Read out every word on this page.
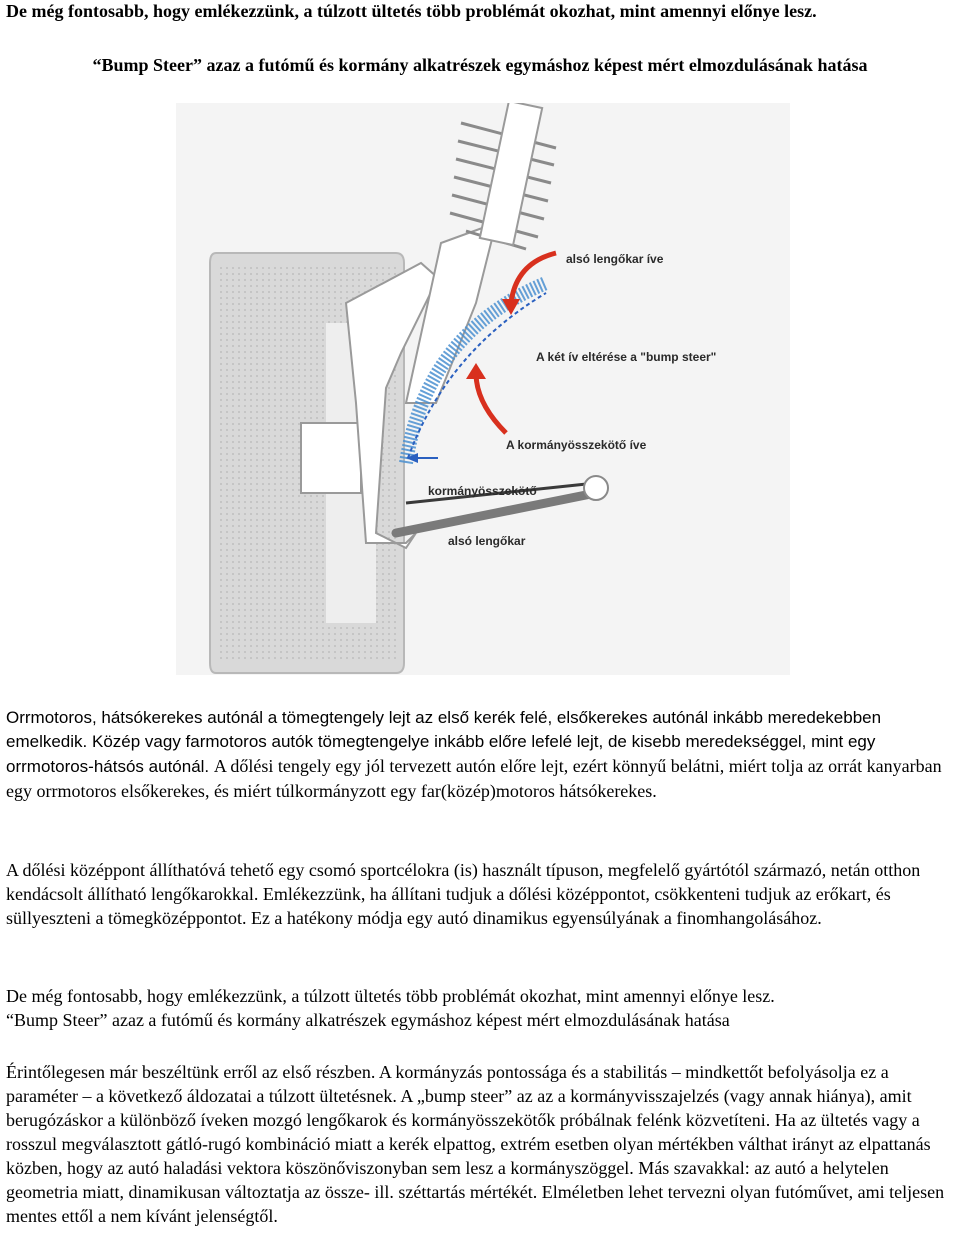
De még fontosabb, hogy emlékezzünk, a túlzott ültetés több problémát okozhat, mint amennyi előnye lesz.
“Bump Steer” azaz a futómű és kormány alkatrészek egymáshoz képest mért elmozdulásának hatása
alsó lengőkar íve
A két ív eltérése a "bump steer"
A kormányösszekötő íve
kormányösszekötő
alsó lengőkar
Orrmotoros, hátsókerekes autónál a tömegtengely lejt az első kerék felé, elsőkerekes autónál inkább meredekebben emelkedik. Közép vagy farmotoros autók tömegtengelye inkább előre lefelé lejt, de kisebb meredekséggel, mint egy orrmotoros-hátsós autónál. A dőlési tengely egy jól tervezett autón előre lejt, ezért könnyű belátni, miért tolja az orrát kanyarban egy orrmotoros elsőkerekes, és miért túlkormányzott egy far(közép)motoros hátsókerekes.
A dőlési középpont állíthatóvá tehető egy csomó sportcélokra (is) használt típuson, megfelelő gyártótól származó, netán otthon kendácsolt állítható lengőkarokkal. Emlékezzünk, ha állítani tudjuk a dőlési középpontot, csökkenteni tudjuk az erőkart, és süllyeszteni a tömegközéppontot. Ez a hatékony módja egy autó dinamikus egyensúlyának a finomhangolásához.
De még fontosabb, hogy emlékezzünk, a túlzott ültetés több problémát okozhat, mint amennyi előnye lesz.
“Bump Steer” azaz a futómű és kormány alkatrészek egymáshoz képest mért elmozdulásának hatása
Érintőlegesen már beszéltünk erről az első részben. A kormányzás pontossága és a stabilitás – mindkettőt befolyásolja ez a paraméter – a következő áldozatai a túlzott ültetésnek. A „bump steer” az az a kormányvisszajelzés (vagy annak hiánya), amit berugózáskor a különböző íveken mozgó lengőkarok és kormányösszekötők próbálnak felénk közvetíteni. Ha az ültetés vagy a rosszul megválasztott gátló-rugó kombináció miatt a kerék elpattog, extrém esetben olyan mértékben válthat irányt az elpattanás közben, hogy az autó haladási vektora köszönőviszonyban sem lesz a kormányszöggel. Más szavakkal: az autó a helytelen geometria miatt, dinamikusan változtatja az össze- ill. széttartás mértékét. Elméletben lehet tervezni olyan futóművet, ami teljesen mentes ettől a nem kívánt jelenségtől.
